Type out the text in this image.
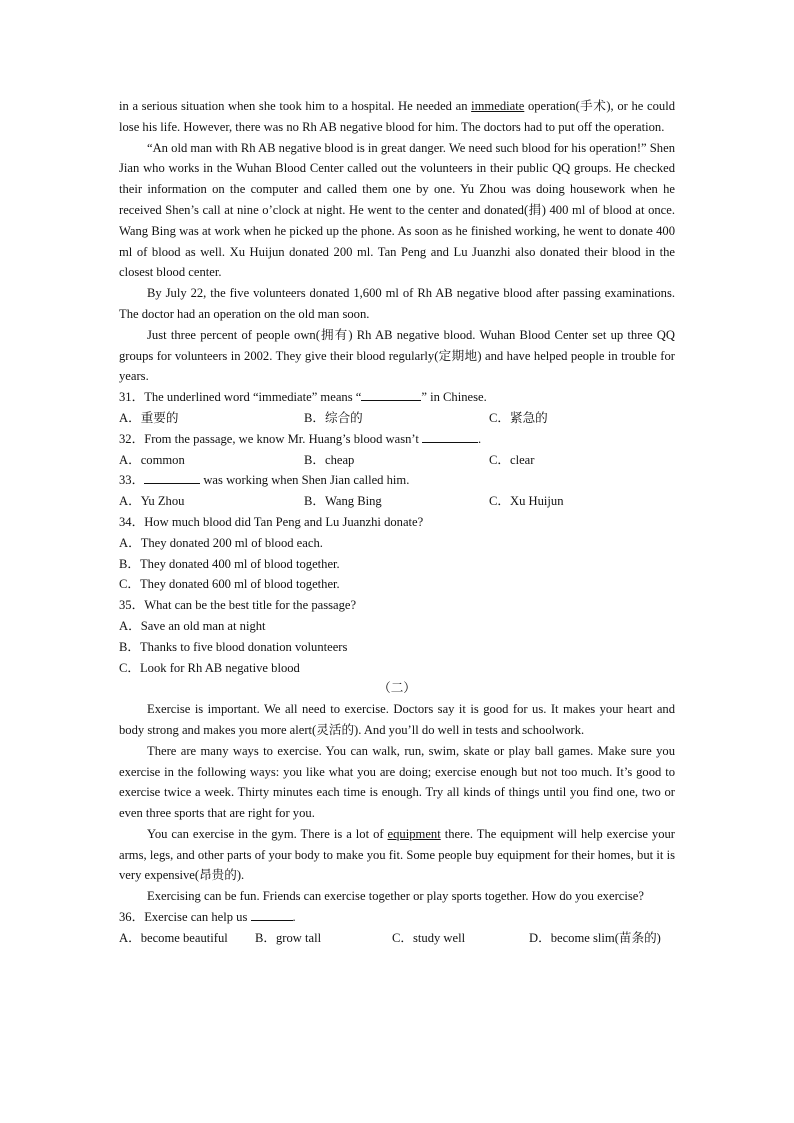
in a serious situation when she took him to a hospital. He needed an immediate operation(手术), or he could lose his life. However, there was no Rh AB negative blood for him. The doctors had to put off the operation.

“An old man with Rh AB negative blood is in great danger. We need such blood for his operation!” Shen Jian who works in the Wuhan Blood Center called out the volunteers in their public QQ groups. He checked their information on the computer and called them one by one. Yu Zhou was doing housework when he received Shen’s call at nine o’clock at night. He went to the center and donated(捐) 400 ml of blood at once. Wang Bing was at work when he picked up the phone. As soon as he finished working, he went to donate 400 ml of blood as well. Xu Huijun donated 200 ml. Tan Peng and Lu Juanzhi also donated their blood in the closest blood center.

By July 22, the five volunteers donated 1,600 ml of Rh AB negative blood after passing examinations. The doctor had an operation on the old man soon.

Just three percent of people own(拥有) Rh AB negative blood. Wuhan Blood Center set up three QQ groups for volunteers in 2002. They give their blood regularly(定期地) and have helped people in trouble for years.

31．The underlined word “immediate” means “	” in Chinese.

A．重要的	B．综合的	C．紧急的

32．From the passage, we know Mr. Huang’s blood wasn’t	.

A．common	B．cheap	C．clear

33．	was working when Shen Jian called him.

A．Yu Zhou	B．Wang Bing	C．Xu Huijun

34．How much blood did Tan Peng and Lu Juanzhi donate?

A．They donated 200 ml of blood each.

B．They donated 400 ml of blood together.

C．They donated 600 ml of blood together.

35．What can be the best title for the passage?

A．Save an old man at night

B．Thanks to five blood donation volunteers

C．Look for Rh AB negative blood

（二）

Exercise is important. We all need to exercise. Doctors say it is good for us. It makes your heart and body strong and makes you more alert(灵活的). And you’ll do well in tests and schoolwork.

There are many ways to exercise. You can walk, run, swim, skate or play ball games. Make sure you exercise in the following ways: you like what you are doing; exercise enough but not too much. It’s good to exercise twice a week. Thirty minutes each time is enough. Try all kinds of things until you find one, two or even three sports that are right for you.

You can exercise in the gym. There is a lot of equipment there. The equipment will help exercise your arms, legs, and other parts of your body to make you fit. Some people buy equipment for their homes, but it is very expensive(昂贵的).

Exercising can be fun. Friends can exercise together or play sports together. How do you exercise?

36．Exercise can help us	.

A．become beautiful	B．grow tall	C．study well	D．become slim(苗条的)
